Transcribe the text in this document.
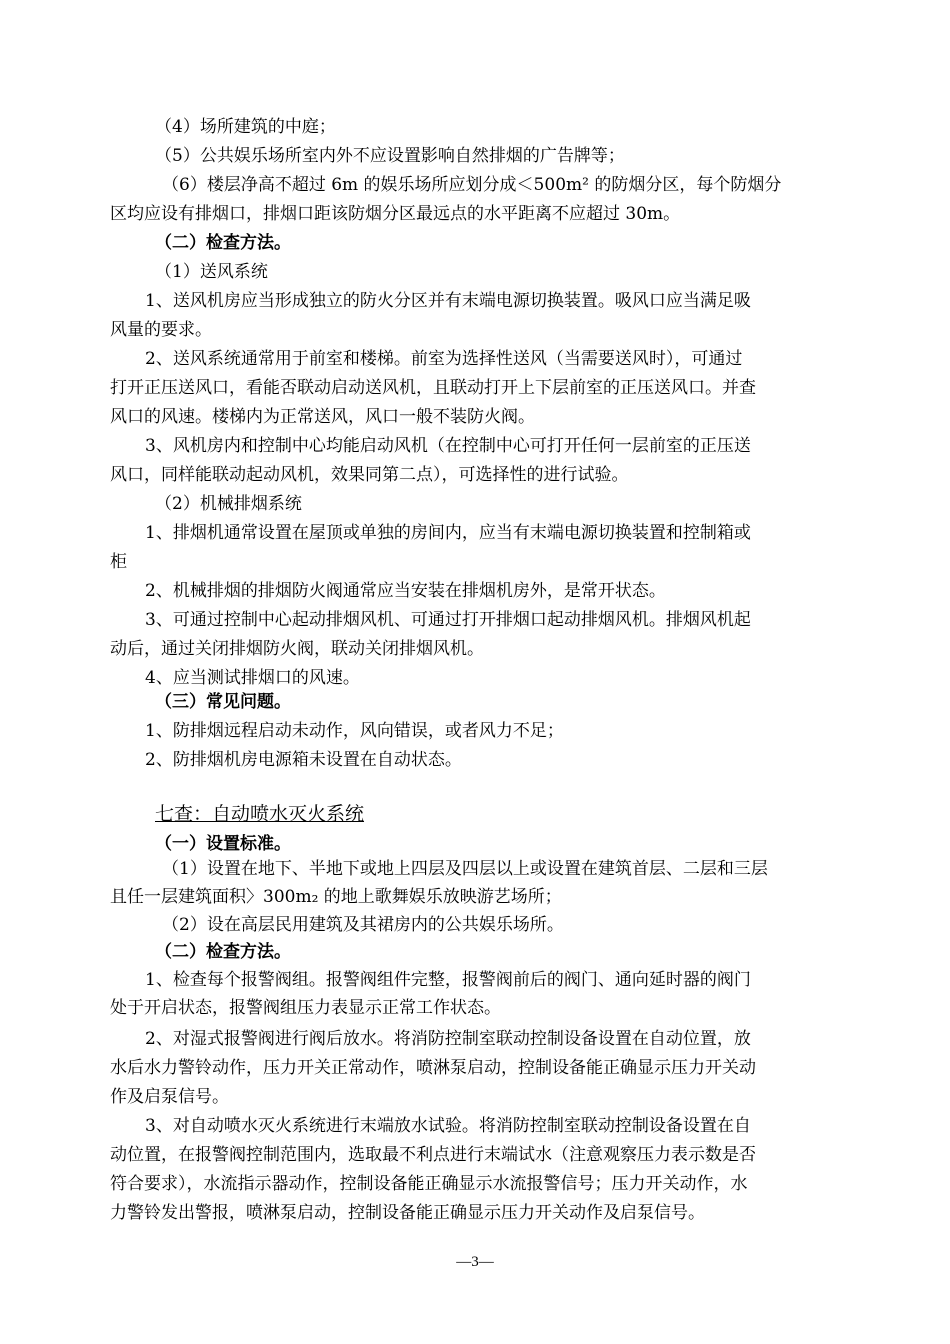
（4）场所建筑的中庭；
（5）公共娱乐场所室内外不应设置影响自然排烟的广告牌等；
（6）楼层净高不超过 6m 的娱乐场所应划分成＜500m² 的防烟分区，每个防烟分
区均应设有排烟口，排烟口距该防烟分区最远点的水平距离不应超过 30m。
（二）检查方法。
（1）送风系统
1、送风机房应当形成独立的防火分区并有末端电源切换装置。吸风口应当满足吸
风量的要求。
2、送风系统通常用于前室和楼梯。前室为选择性送风（当需要送风时），可通过
打开正压送风口，看能否联动启动送风机，且联动打开上下层前室的正压送风口。并查
风口的风速。楼梯内为正常送风，风口一般不装防火阀。
3、风机房内和控制中心均能启动风机（在控制中心可打开任何一层前室的正压送
风口，同样能联动起动风机，效果同第二点），可选择性的进行试验。
（2）机械排烟系统
1、排烟机通常设置在屋顶或单独的房间内，应当有末端电源切换装置和控制箱或
柜
2、机械排烟的排烟防火阀通常应当安装在排烟机房外，是常开状态。
3、可通过控制中心起动排烟风机、可通过打开排烟口起动排烟风机。排烟风机起
动后，通过关闭排烟防火阀，联动关闭排烟风机。
4、应当测试排烟口的风速。
（三）常见问题。
1、防排烟远程启动未动作，风向错误，或者风力不足；
2、防排烟机房电源箱未设置在自动状态。
七查：自动喷水灭火系统
（一）设置标准。
（1）设置在地下、半地下或地上四层及四层以上或设置在建筑首层、二层和三层
且任一层建筑面积〉300m₂ 的地上歌舞娱乐放映游艺场所；
（2）设在高层民用建筑及其裙房内的公共娱乐场所。
（二）检查方法。
1、检查每个报警阀组。报警阀组件完整，报警阀前后的阀门、通向延时器的阀门
处于开启状态，报警阀组压力表显示正常工作状态。
2、对湿式报警阀进行阀后放水。将消防控制室联动控制设备设置在自动位置，放
水后水力警铃动作，压力开关正常动作，喷淋泵启动，控制设备能正确显示压力开关动
作及启泵信号。
3、对自动喷水灭火系统进行末端放水试验。将消防控制室联动控制设备设置在自
动位置，在报警阀控制范围内，选取最不利点进行末端试水（注意观察压力表示数是否
符合要求），水流指示器动作，控制设备能正确显示水流报警信号；压力开关动作，水
力警铃发出警报，喷淋泵启动，控制设备能正确显示压力开关动作及启泵信号。
—3—
